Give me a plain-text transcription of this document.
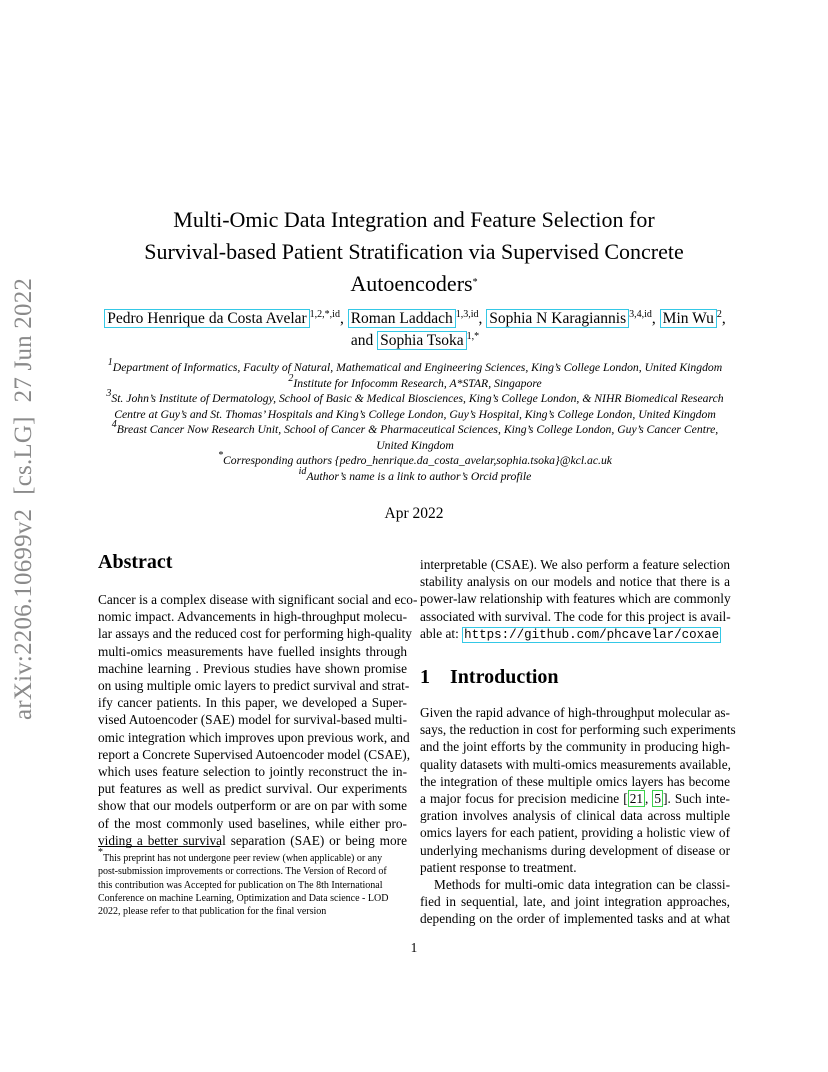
arXiv:2206.10699v2[cs.LG]27 Jun 2022
Multi-Omic Data Integration and Feature Selection for
Survival-based Patient Stratification via Supervised Concrete
Autoencoders*
Pedro Henrique da Costa Avelar $^{1,2,*,id}$, Roman Laddach $^{1,3,id}$, Sophia N Karagiannis $^{3,4,id}$, Min Wu $^2$,
and Sophia Tsoka $^{1,*}$
$^1$Department of Informatics, Faculty of Natural, Mathematical and Engineering Sciences, King’s College London, United Kingdom
$^2$Institute for Infocomm Research, A*STAR, Singapore
$^3$St. John’s Institute of Dermatology, School of Basic & Medical Biosciences, King’s College London, & NIHR Biomedical Research
Centre at Guy’s and St. Thomas’ Hospitals and King’s College London, Guy’s Hospital, King’s College London, United Kingdom
$^4$Breast Cancer Now Research Unit, School of Cancer & Pharmaceutical Sciences, King’s College London, Guy’s Cancer Centre,
United Kingdom
*Corresponding authors {pedro_henrique.da_costa_avelar,sophia.tsoka}@kcl.ac.uk
$^{id}$Author’s name is a link to author’s Orcid profile
Apr 2022
Abstract
Cancer is a complex disease with significant social and eco-
nomic impact. Advancements in high-throughput molecu-
lar assays and the reduced cost for performing high-quality
multi-omics measurements have fuelled insights through
machine learning . Previous studies have shown promise
on using multiple omic layers to predict survival and strat-
ify cancer patients. In this paper, we developed a Super-
vised Autoencoder (SAE) model for survival-based multi-
omic integration which improves upon previous work, and
report a Concrete Supervised Autoencoder model (CSAE),
which uses feature selection to jointly reconstruct the in-
put features as well as predict survival. Our experiments
show that our models outperform or are on par with some
of the most commonly used baselines, while either pro-
viding a better survival separation (SAE) or being more
*This preprint has not undergone peer review (when applicable) or any
post-submission improvements or corrections. The Version of Record of
this contribution was Accepted for publication on The 8th International
Conference on machine Learning, Optimization and Data science - LOD
2022, please refer to that publication for the final version
interpretable (CSAE). We also perform a feature selection
stability analysis on our models and notice that there is a
power-law relationship with features which are commonly
associated with survival. The code for this project is avail-
able at: https://github.com/phcavelar/coxae
1 Introduction
Given the rapid advance of high-throughput molecular as-
says, the reduction in cost for performing such experiments
and the joint efforts by the community in producing high-
quality datasets with multi-omics measurements available,
the integration of these multiple omics layers has become
a major focus for precision medicine [ 21 , 5 ]. Such inte-
gration involves analysis of clinical data across multiple
omics layers for each patient, providing a holistic view of
underlying mechanisms during development of disease or
patient response to treatment.
Methods for multi-omic data integration can be classi-
fied in sequential, late, and joint integration approaches,
depending on the order of implemented tasks and at what
1
